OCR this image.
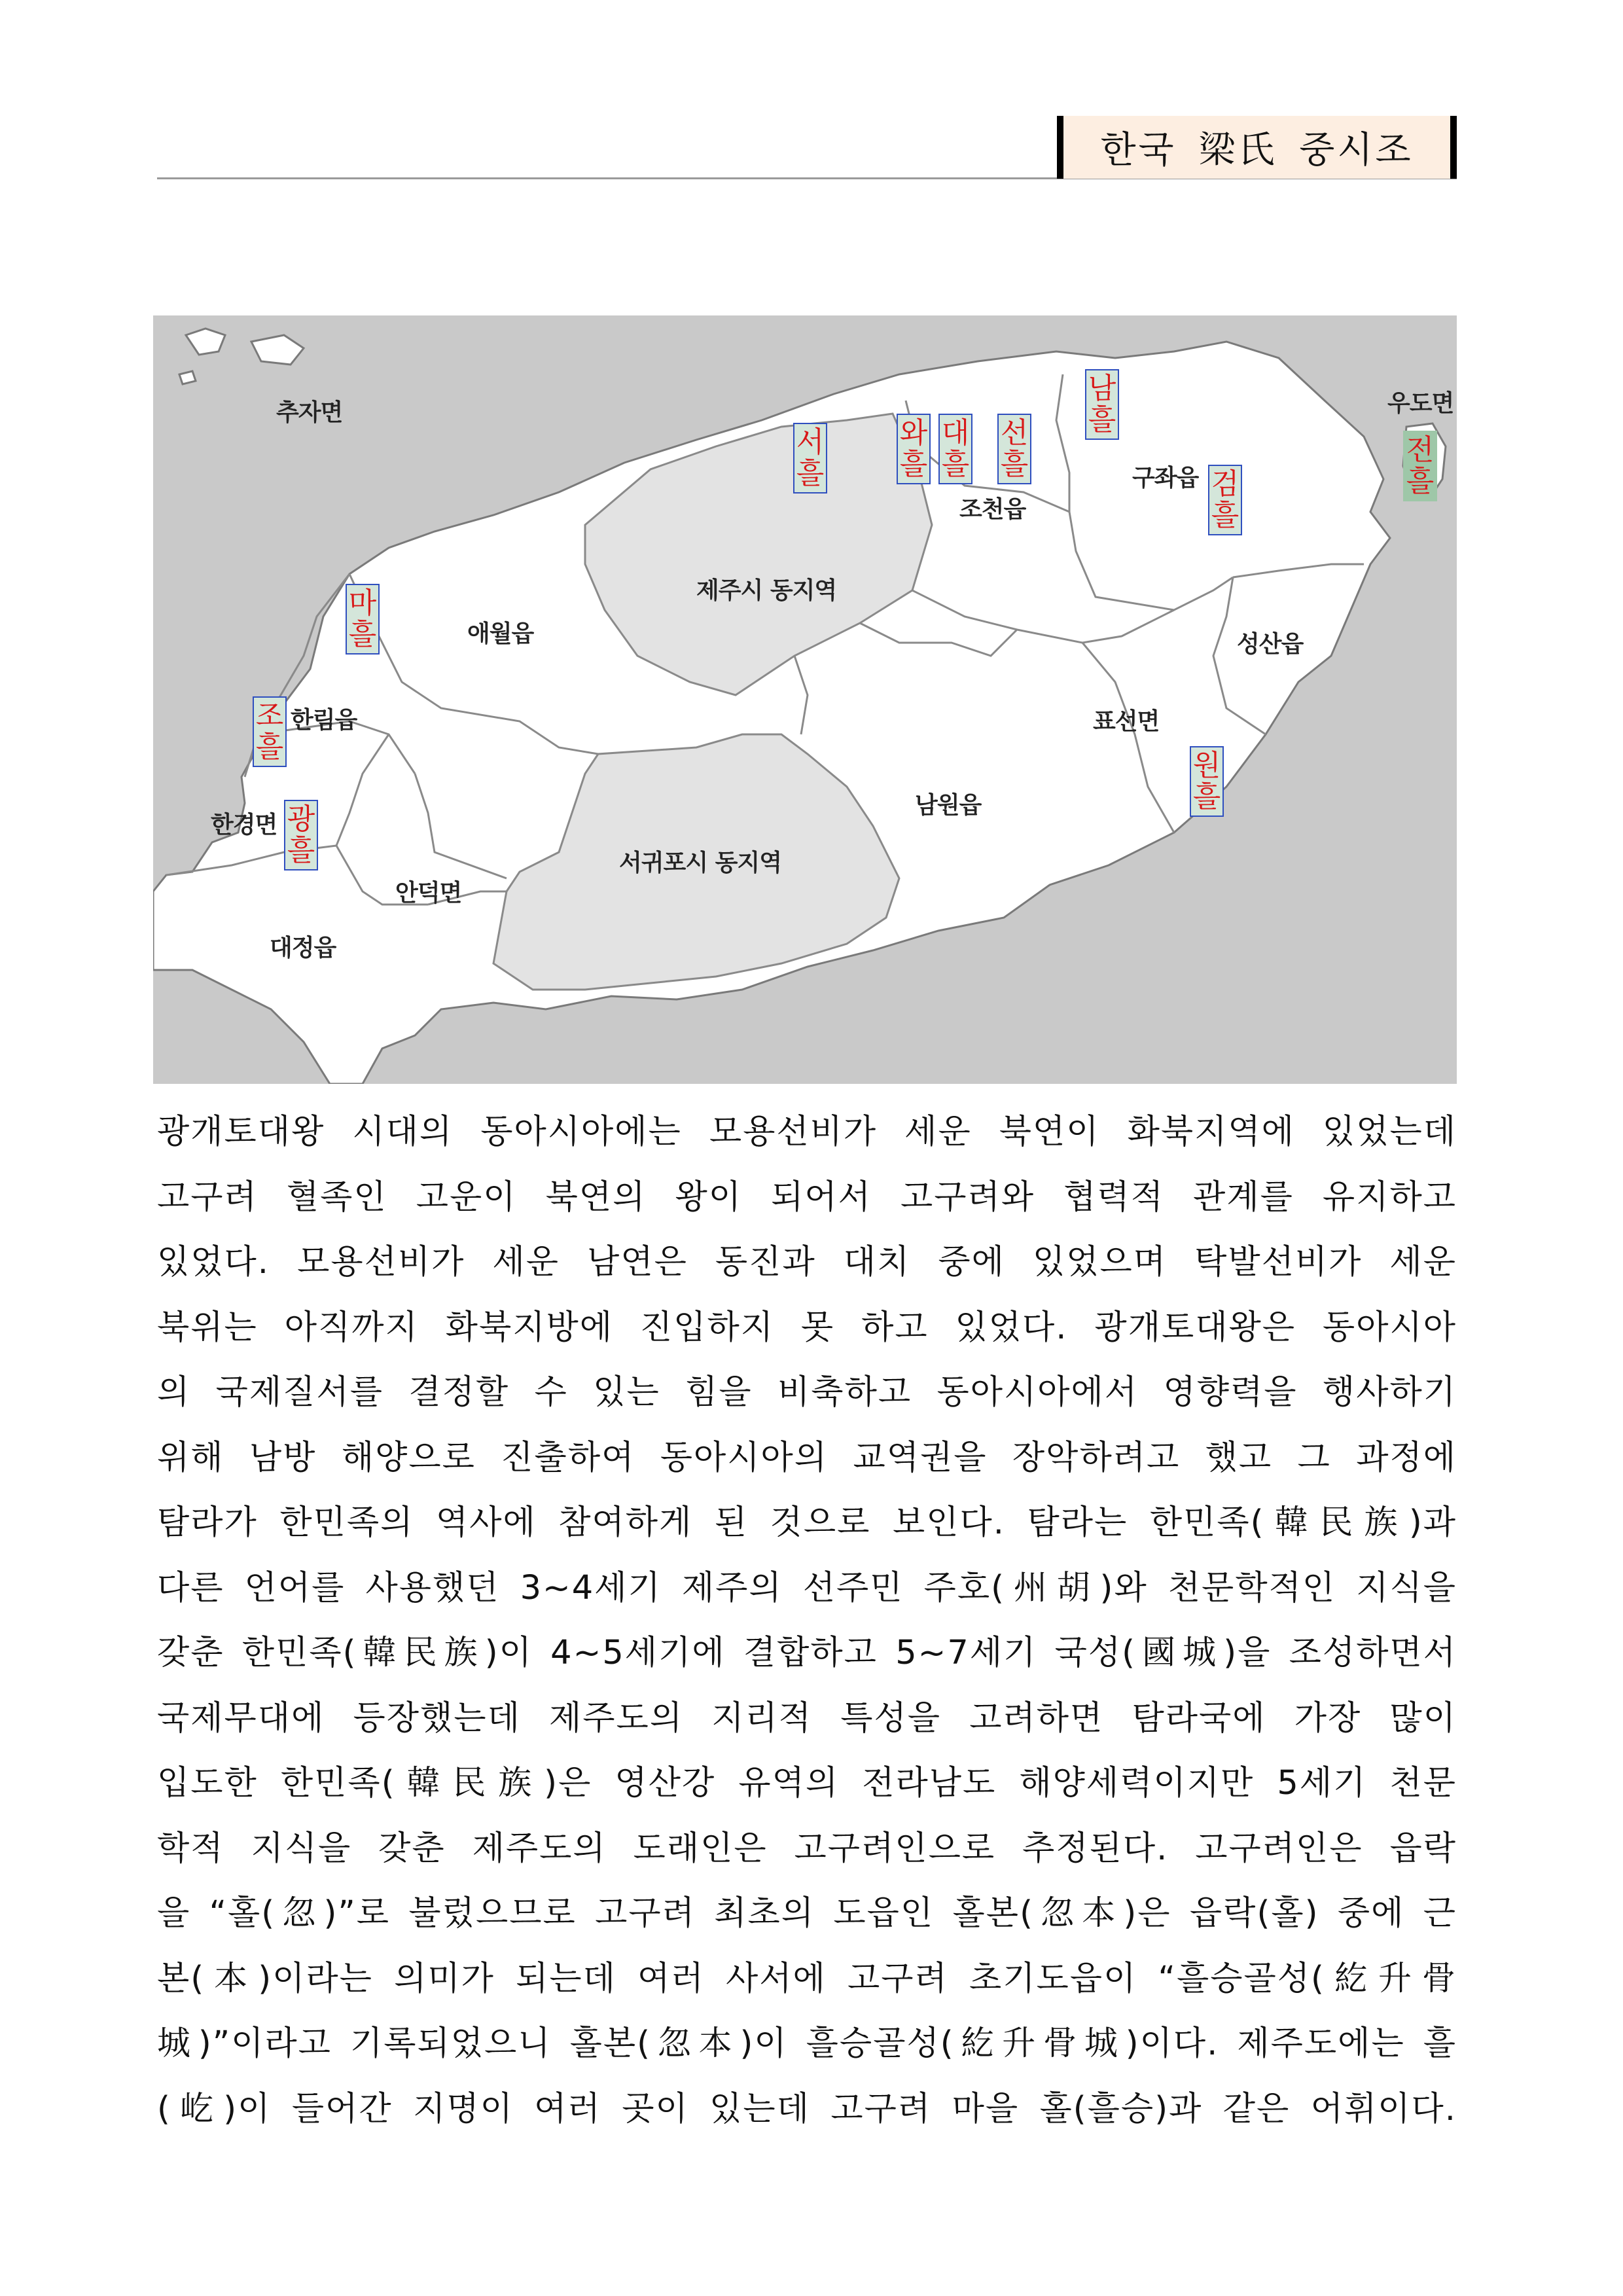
한국 梁氏 중시조
추자면	우도면
조천읍
구좌읍
제주시 동지역
애월읍	성산읍
한림읍	표선면
한경면
남원읍
서귀포시 동지역
안덕면
대정읍
서
흘
와
흘
대
흘
선
흘
남
흘
검
흘
전
흘
마
흘
조
흘
광
흘
원
흘
광개토대왕 시대의 동아시아에는 모용선비가 세운 북연이 화북지역에 있었는데
고구려 혈족인 고운이 북연의 왕이 되어서 고구려와 협력적 관계를 유지하고
있었다. 모용선비가 세운 남연은 동진과 대치 중에 있었으며 탁발선비가 세운
북위는 아직까지 화북지방에 진입하지 못 하고 있었다. 광개토대왕은 동아시아
의 국제질서를 결정할 수 있는 힘을 비축하고 동아시아에서 영향력을 행사하기
위해 남방 해양으로 진출하여 동아시아의 교역권을 장악하려고 했고 그 과정에
탐라가 한민족의 역사에 참여하게 된 것으로 보인다. 탐라는 한민족(韓民族)과
다른 언어를 사용했던 3~4세기 제주의 선주민 주호(州胡)와 천문학적인 지식을
갖춘 한민족(韓民族)이 4~5세기에 결합하고 5~7세기 국성(國城)을 조성하면서
국제무대에 등장했는데 제주도의 지리적 특성을 고려하면 탐라국에 가장 많이
입도한 한민족(韓民族)은 영산강 유역의 전라남도 해양세력이지만 5세기 천문
학적 지식을 갖춘 제주도의 도래인은 고구려인으로 추정된다. 고구려인은 읍락
을 “홀(忽)”로 불렀으므로 고구려 최초의 도읍인 홀본(忽本)은 읍락(홀) 중에 근
본(本)이라는 의미가 되는데 여러 사서에 고구려 초기도읍이 “흘승골성(紇升骨
城)”이라고 기록되었으니 홀본(忽本)이 흘승골성(紇升骨城)이다. 제주도에는 흘
(屹)이 들어간 지명이 여러 곳이 있는데 고구려 마을 홀(흘승)과 같은 어휘이다.
